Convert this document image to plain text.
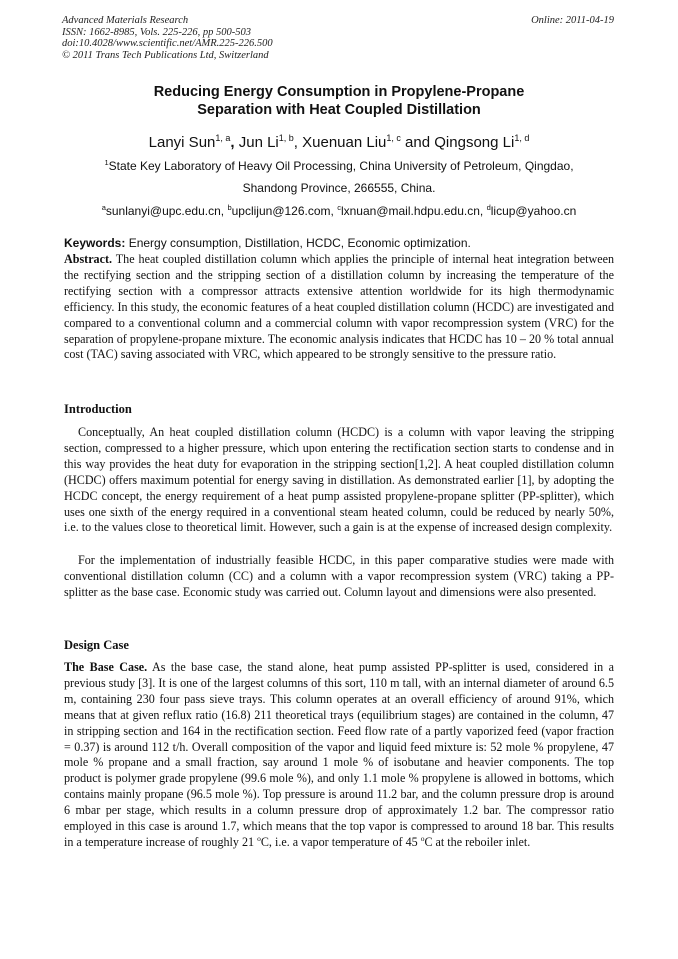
Advanced Materials Research
ISSN: 1662-8985, Vols. 225-226, pp 500-503
doi:10.4028/www.scientific.net/AMR.225-226.500
© 2011 Trans Tech Publications Ltd, Switzerland
Online: 2011-04-19
Reducing Energy Consumption in Propylene-Propane
Separation with Heat Coupled Distillation
Lanyi Sun$^{1, a}$, Jun Li$^{1, b}$, Xuenuan Liu$^{1, c}$ and Qingsong Li$^{1, d}$
$^1$State Key Laboratory of Heavy Oil Processing, China University of Petroleum, Qingdao,
Shandong Province, 266555, China.
$^a$sunlanyi@upc.edu.cn, $^b$upclijun@126.com, $^c$lxnuan@mail.hdpu.edu.cn, $^d$licup@yahoo.cn
Keywords: Energy consumption, Distillation, HCDC, Economic optimization.
Abstract. The heat coupled distillation column which applies the principle of internal heat integration between the rectifying section and the stripping section of a distillation column by increasing the temperature of the rectifying section with a compressor attracts extensive attention worldwide for its high thermodynamic efficiency. In this study, the economic features of a heat coupled distillation column (HCDC) are investigated and compared to a conventional column and a commercial column with vapor recompression system (VRC) for the separation of propylene-propane mixture. The economic analysis indicates that HCDC has 10 – 20 % total annual cost (TAC) saving associated with VRC, which appeared to be strongly sensitive to the pressure ratio.
Introduction
Conceptually, An heat coupled distillation column (HCDC) is a column with vapor leaving the stripping section, compressed to a higher pressure, which upon entering the rectification section starts to condense and in this way provides the heat duty for evaporation in the stripping section[1,2]. A heat coupled distillation column (HCDC) offers maximum potential for energy saving in distillation. As demonstrated earlier [1], by adopting the HCDC concept, the energy requirement of a heat pump assisted propylene-propane splitter (PP-splitter), which uses one sixth of the energy required in a conventional steam heated column, could be reduced by nearly 50%, i.e. to the values close to theoretical limit. However, such a gain is at the expense of increased design complexity.
For the implementation of industrially feasible HCDC, in this paper comparative studies were made with conventional distillation column (CC) and a column with a vapor recompression system (VRC) taking a PP-splitter as the base case. Economic study was carried out. Column layout and dimensions were also presented.
Design Case
The Base Case. As the base case, the stand alone, heat pump assisted PP-splitter is used, considered in a previous study [3]. It is one of the largest columns of this sort, 110 m tall, with an internal diameter of around 6.5 m, containing 230 four pass sieve trays. This column operates at an overall efficiency of around 91%, which means that at given reflux ratio (16.8) 211 theoretical trays (equilibrium stages) are contained in the column, 47 in stripping section and 164 in the rectification section. Feed flow rate of a partly vaporized feed (vapor fraction = 0.37) is around 112 t/h. Overall composition of the vapor and liquid feed mixture is: 52 mole % propylene, 47 mole % propane and a small fraction, say around 1 mole % of isobutane and heavier components. The top product is polymer grade propylene (99.6 mole %), and only 1.1 mole % propylene is allowed in bottoms, which contains mainly propane (96.5 mole %). Top pressure is around 11.2 bar, and the column pressure drop is around 6 mbar per stage, which results in a column pressure drop of approximately 1.2 bar. The compressor ratio employed in this case is around 1.7, which means that the top vapor is compressed to around 18 bar. This results in a temperature increase of roughly 21 $^o$C, i.e. a vapor temperature of 45 $^o$C at the reboiler inlet.
